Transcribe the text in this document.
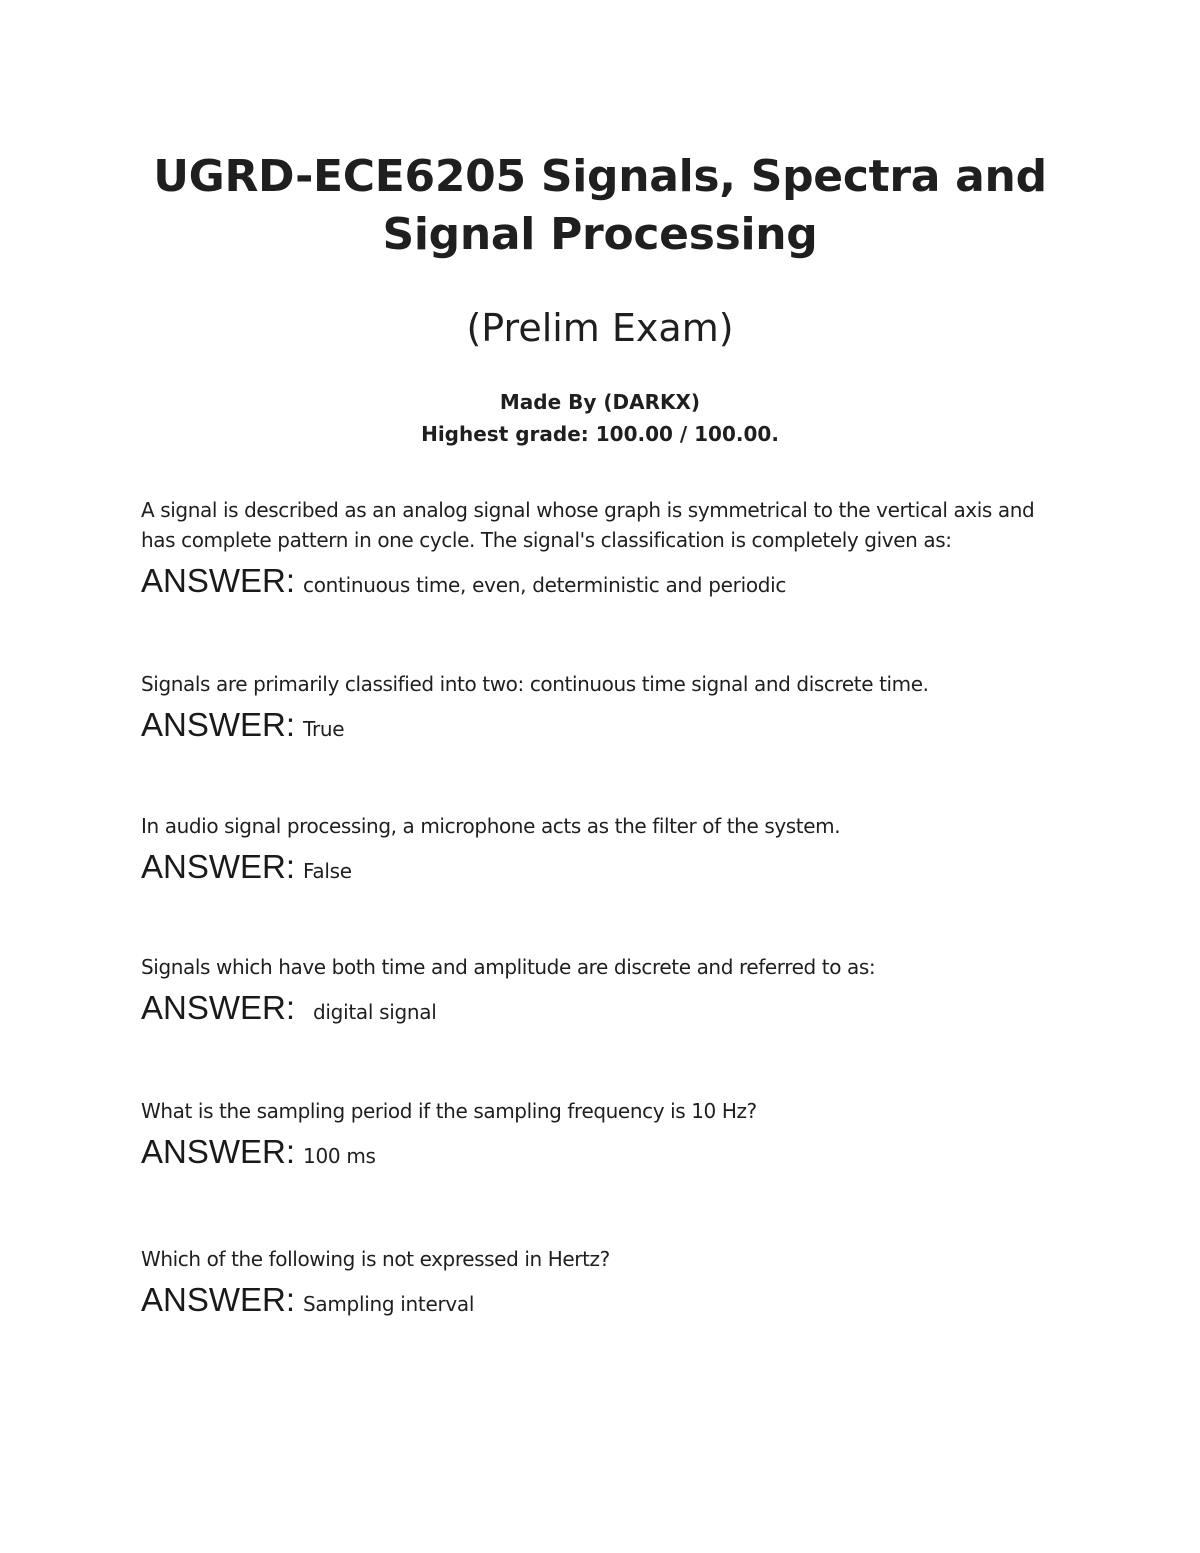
UGRD-ECE6205 Signals, Spectra and
Signal Processing

(Prelim Exam)

Made By (DARKX)

Highest grade: 100.00 / 100.00.

A signal is described as an analog signal whose graph is symmetrical to the vertical axis and has complete pattern in one cycle. The signal's classification is completely given as:

ANSWER: continuous time, even, deterministic and periodic

Signals are primarily classified into two: continuous time signal and discrete time.

ANSWER: True

In audio signal processing, a microphone acts as the filter of the system.

ANSWER: False

Signals which have both time and amplitude are discrete and referred to as:

ANSWER: digital signal

What is the sampling period if the sampling frequency is 10 Hz?

ANSWER: 100 ms

Which of the following is not expressed in Hertz?

ANSWER: Sampling interval
